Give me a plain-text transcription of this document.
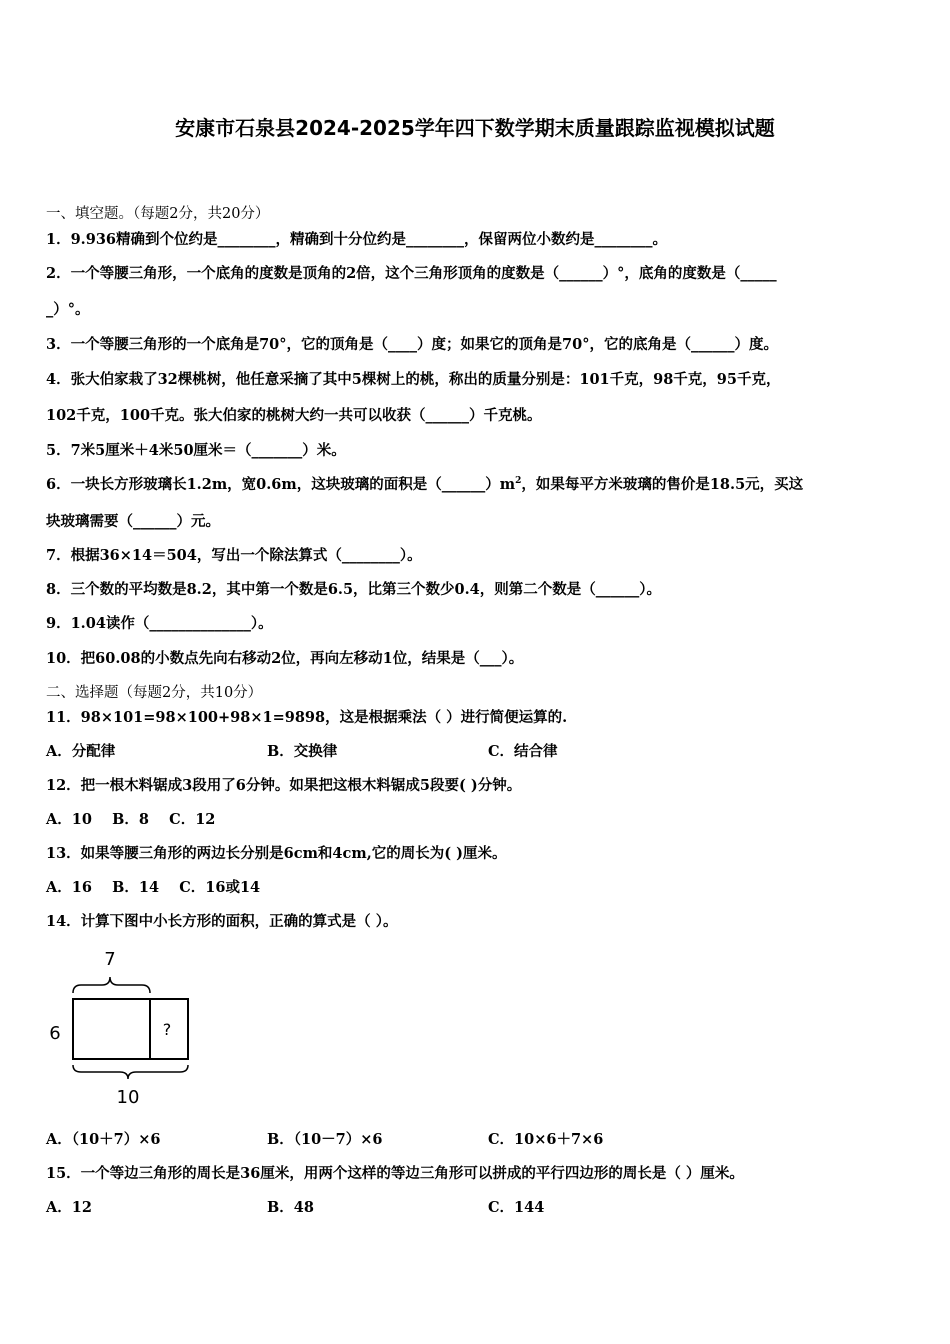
安康市石泉县2024-2025学年四下数学期末质量跟踪监视模拟试题
一、填空题。（每题2分，共20分）
1．9.936精确到个位约是________，精确到十分位约是________，保留两位小数约是________。
2．一个等腰三角形，一个底角的度数是顶角的2倍，这个三角形顶角的度数是（______）°，底角的度数是（_____
_）°。
3．一个等腰三角形的一个底角是70°，它的顶角是（____）度；如果它的顶角是70°，它的底角是（______）度。
4．张大伯家栽了32棵桃树，他任意采摘了其中5棵树上的桃，称出的质量分别是：101千克，98千克，95千克，
102千克，100千克。张大伯家的桃树大约一共可以收获（______）千克桃。
5．7米5厘米＋4米50厘米＝（_______）米。
6．一块长方形玻璃长1.2m，宽0.6m，这块玻璃的面积是$(\_\_\_\_\_\_)m^2$，如果每平方米玻璃的售价是18.5元，买这
块玻璃需要（______）元。
7．根据36×14＝504，写出一个除法算式（________）。
8．三个数的平均数是8.2，其中第一个数是6.5，比第三个数少0.4，则第二个数是（______）。
9．1.04读作（______________）。
10．把60.08的小数点先向右移动2位，再向左移动1位，结果是（___）。
二、选择题（每题2分，共10分）
11．98×101=98×100+98×1=9898，这是根据乘法（ ）进行简便运算的.
A．分配律	B．交换律	C．结合律
12．把一根木料锯成3段用了6分钟。如果把这根木料锯成5段要( )分钟。
A．10    B．8    C．12
13．如果等腰三角形的两边长分别是6cm和4cm,它的周长为( )厘米。
A．16    B．14    C．16或14
14．计算下图中小长方形的面积，正确的算式是（ ）。
7
?
6
10
A．（10＋7）×6	B．（10－7）×6	C．10×6＋7×6
15．一个等边三角形的周长是36厘米，用两个这样的等边三角形可以拼成的平行四边形的周长是（ ）厘米。
A．12	B．48	C．144
